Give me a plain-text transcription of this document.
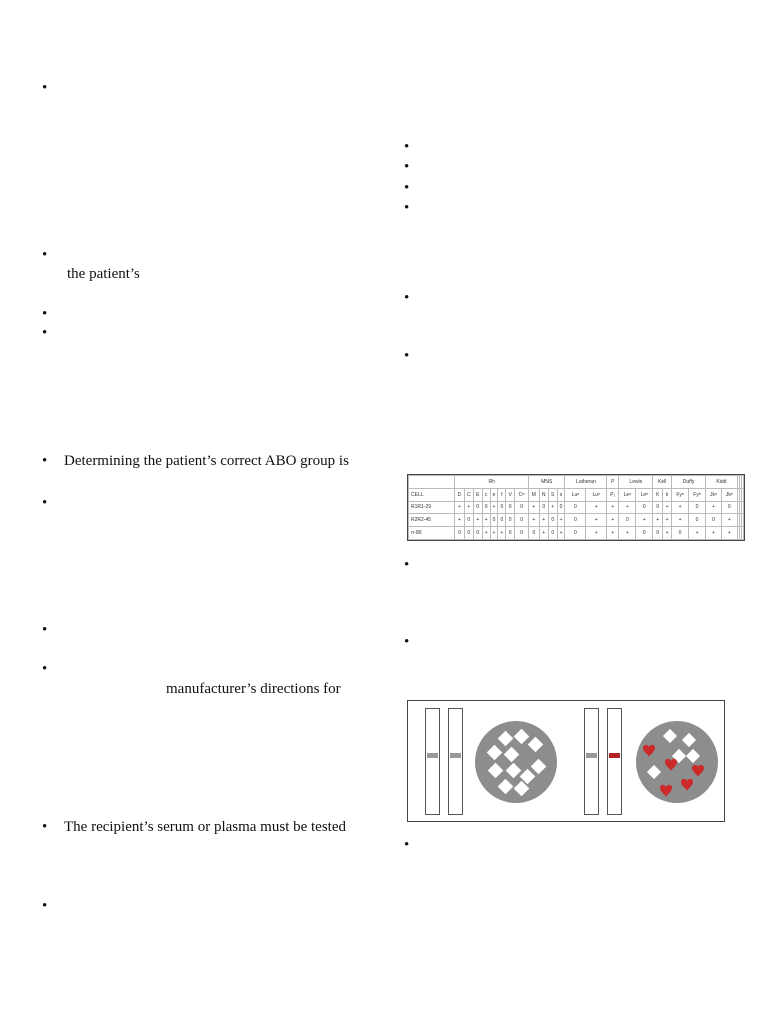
•
•
the patient’s
•
•
•	Determining the patient’s correct ABO group is
•
•
•
manufacturer’s directions for
•	The recipient’s serum or plasma must be tested
•
•
•
•
•
•
•
•
•
•
	Rh								MNS				Lutheran		P	Lewis		Kell		Duffy		Kidd				
CELL	D	C	E	c	e	f	V	Cʷ	M	N	S	s	Luᵃ	Luᵇ	P₁	Leᵃ	Leᵇ	K	k	Fyᵃ	Fyᵇ	Jkᵃ	Jkᵇ			
R1R1-29	+	+	0	0	+	0	0	0	+	0	+	0	0	+	+	+	0	0	+	+	0	+	0			
R2R2-45	+	0	+	+	0	0	0	0	+	+	0	+	0	+	+	0	+	+	+	+	0	0	+			
rr-80	0	0	0	+	+	+	0	0	0	+	0	+	0	+	+	+	0	0	+	0	+	+	+			
